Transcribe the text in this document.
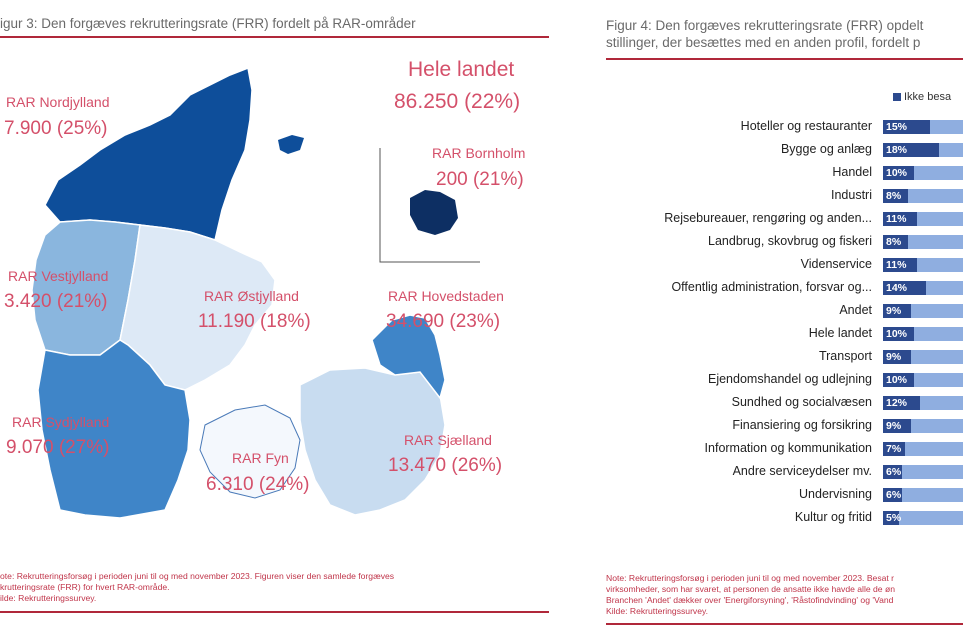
igur 3: Den forgæves rekrutteringsrate (FRR) fordelt på RAR-områder
RAR Nordjylland
7.900 (25%)
RAR Vestjylland
3.420 (21%)	RAR Østjylland
11.190 (18%)
RAR Sydjylland
9.070 (27%)	RAR Fyn
6.310 (24%)
RAR Sjælland
13.470 (26%)
RAR Hovedstaden
34.690 (23%)
RAR Bornholm
200 (21%)
Hele landet
86.250 (22%)
ote: Rekrutteringsforsøg i perioden juni til og med november 2023. Figuren viser den samlede forgæves
krutteringsrate (FRR) for hvert RAR-område.
ilde: Rekrutteringssurvey.
Figur 4: Den forgæves rekrutteringsrate (FRR) opdelt
stillinger, der besættes med en anden profil, fordelt p
Ikke besa
Hoteller og restauranter 15%
Bygge og anlæg 18%
Handel 10%
Industri 8%
Rejsebureauer, rengøring og anden... 11%
Landbrug, skovbrug og fiskeri 8%
Videnservice 11%
Offentlig administration, forsvar og... 14%
Andet 9%
Hele landet 10%
Transport 9%
Ejendomshandel og udlejning 10%
Sundhed og socialvæsen 12%
Finansiering og forsikring 9%
Information og kommunikation 7%
Andre serviceydelser mv. 6%
Undervisning 6%
Kultur og fritid 5%
Note: Rekrutteringsforsøg i perioden juni til og med november 2023. Besat r
virksomheder, som har svaret, at personen de ansatte ikke havde alle de øn
Branchen 'Andet' dækker over 'Energiforsyning', 'Råstofindvinding' og 'Vand
Kilde: Rekrutteringssurvey.
